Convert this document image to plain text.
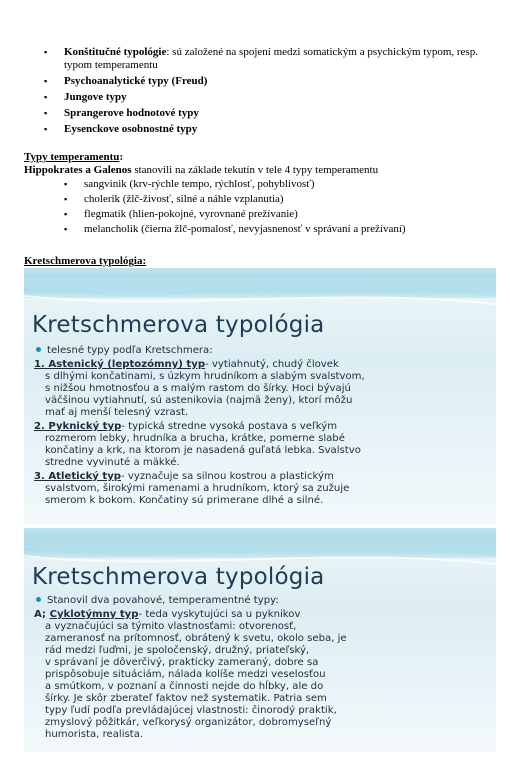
▪ Konštitučné typológie: sú založené na spojení medzi somatickým a psychickým typom, resp. typom temperamentu
▪ Psychoanalytické typy (Freud)
▪ Jungove typy
▪ Sprangerove hodnotové typy
▪ Eysenckove osobnostné typy
Typy temperamentu:
Hippokrates a Galenos stanovili na základe tekutín v tele 4 typy temperamentu
▪ sangvinik (krv-rýchle tempo, rýchlosť, pohyblivosť)
▪ cholerik (žlč-živosť, silné a náhle vzplanutia)
▪ flegmatik (hlien-pokojné, vyrovnané prežívanie)
▪ melancholik (čierna žlč-pomalosť, nevyjasnenosť v správaní a prežívaní)
Kretschmerova typológia:
Kretschmerova typológia
telesné typy podľa Kretschmera:
1. Astenický (leptozómny) typ- vytiahnutý, chudý človek
s dlhými končatinami, s úzkym hrudníkom a slabým svalstvom,
s nižšou hmotnosťou a s malým rastom do šírky. Hoci bývajú
väčšinou vytiahnutí, sú astenikovia (najmä ženy), ktorí môžu
mať aj menší telesný vzrast.
2. Pyknický typ- typická stredne vysoká postava s veľkým
rozmerom lebky, hrudníka a brucha, krátke, pomerne slabé
končatiny a krk, na ktorom je nasadená guľatá lebka. Svalstvo
stredne vyvinuté a mäkké.
3. Atletický typ- vyznačuje sa silnou kostrou a plastickým
svalstvom, širokými ramenami a hrudníkom, ktorý sa zužuje
smerom k bokom. Končatiny sú primerane dlhé a silné.
Kretschmerova typológia
Stanovil dva povahové, temperamentné typy:
A; Cyklotýmny typ- teda vyskytujúci sa u pyknikov
a vyznačujúci sa týmito vlastnosťami: otvorenosť,
zameranosť na prítomnosť, obrátený k svetu, okolo seba, je
rád medzi ľuďmi, je spoločenský, družný, priateľský,
v správaní je dôverčivý, prakticky zameraný, dobre sa
prispôsobuje situáciám, nálada kolíše medzi veselosťou
a smútkom, v poznaní a činnosti nejde do hĺbky, ale do
šírky. Je skôr zberateľ faktov než systematik. Patria sem
typy ľudí podľa prevládajúcej vlastnosti: činorodý praktik,
zmyslový pôžitkár, veľkorysý organizátor, dobromyseľný
humorista, realista.
